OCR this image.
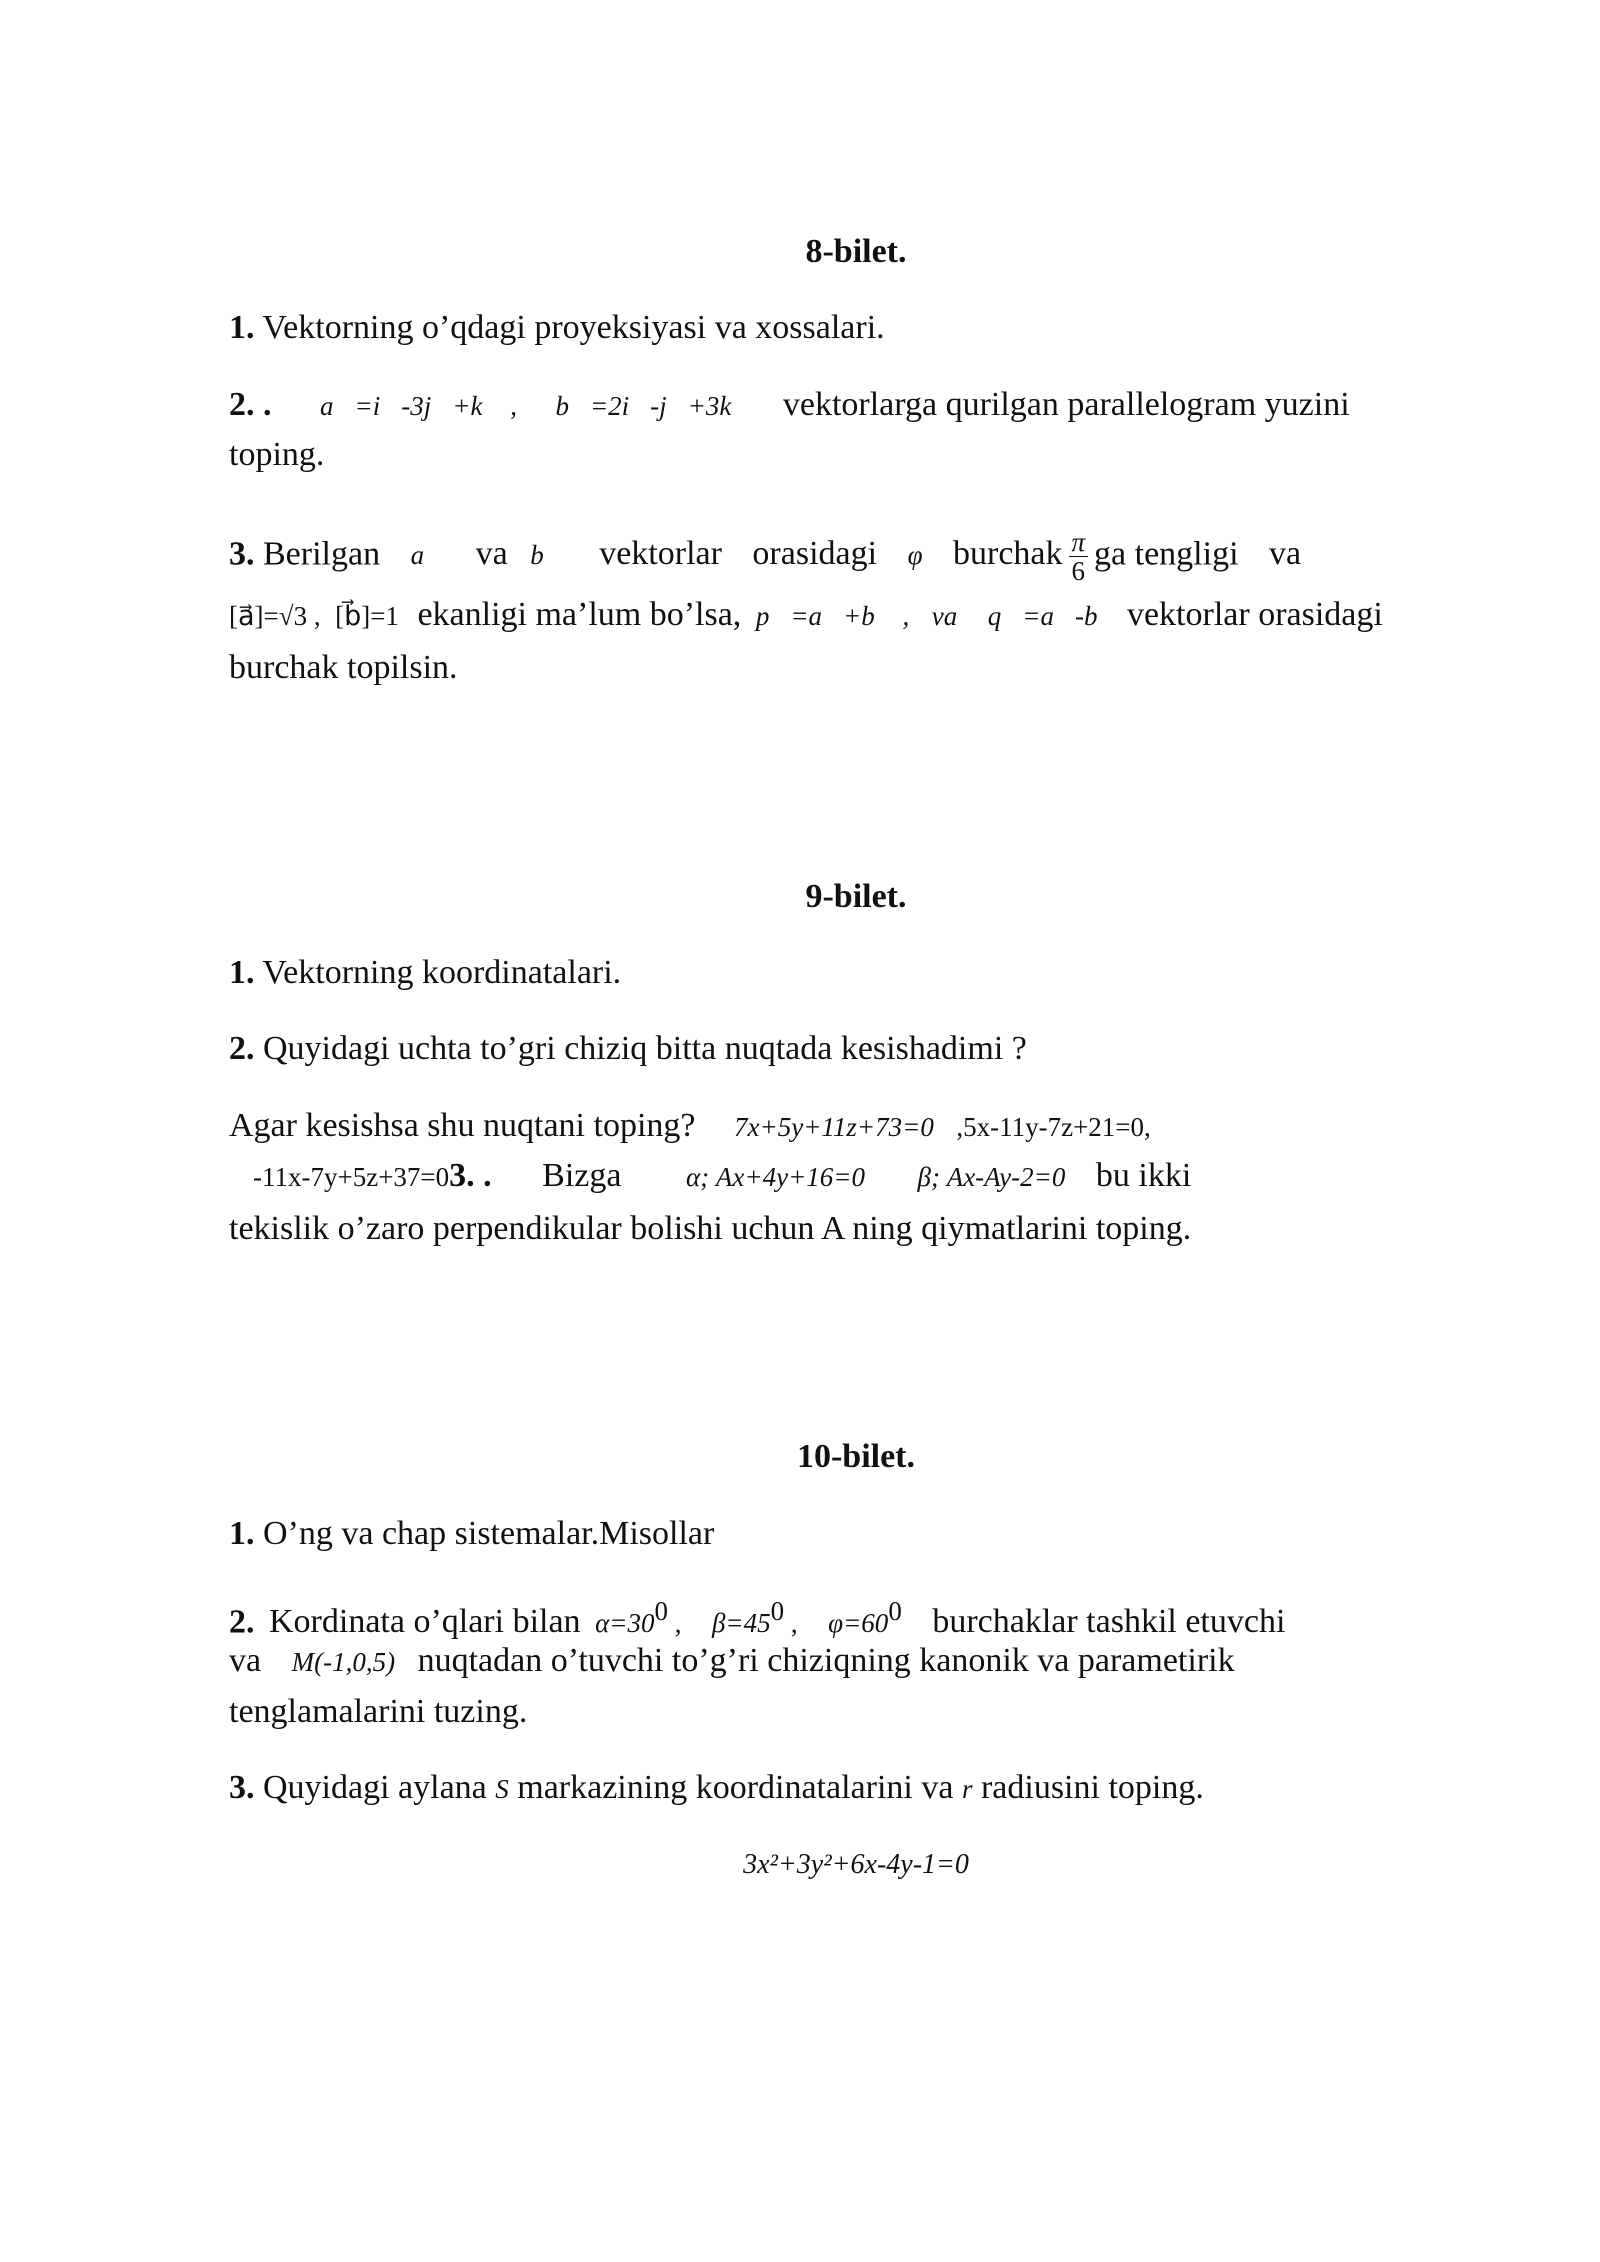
8-bilet.
1. Vektorning o’qdagi proyeksiyasi va xossalari.
2. . a⃗=i⃗-3j⃗+k⃗ , b⃗=2i⃗-j⃗+3k⃗ vektorlarga qurilgan parallelogram yuzini
toping.
3. Berilgan a⃗ va b⃗ vektorlar orasidagi φ burchak $\frac{\pi}{6}$ ga tengligi va
[a⃗]=√3 , [b⃗]=1 ekanligi ma’lum bo’lsa, p⃗=a⃗+b⃗ , va q⃗=a⃗-b⃗ vektorlar orasidagi
burchak topilsin.
9-bilet.
1. Vektorning koordinatalari.
2. Quyidagi uchta to’gri chiziq bitta nuqtada kesishadimi ?
Agar kesishsa shu nuqtani toping? 7x+5y+11z+73=0 ,5x-11y-7z+21=0,
-11x-7y+5z+37=03. . Bizga α; Ax+4y+16=0 β; Ax-Ay-2=0 bu ikki
tekislik o’zaro perpendikular bolishi uchun A ning qiymatlarini toping.
10-bilet.
1. O’ng va chap sistemalar.Misollar
2. Kordinata o’qlari bilan $\alpha=30^0$ , $\beta=45^0$ , $\varphi=60^0$ burchaklar tashkil etuvchi
va M(-1,0,5) nuqtadan o’tuvchi to’g’ri chiziqning kanonik va parametirik
tenglamalarini tuzing.
3. Quyidagi aylana S markazining koordinatalarini va r radiusini toping.
3x²+3y²+6x-4y-1=0
